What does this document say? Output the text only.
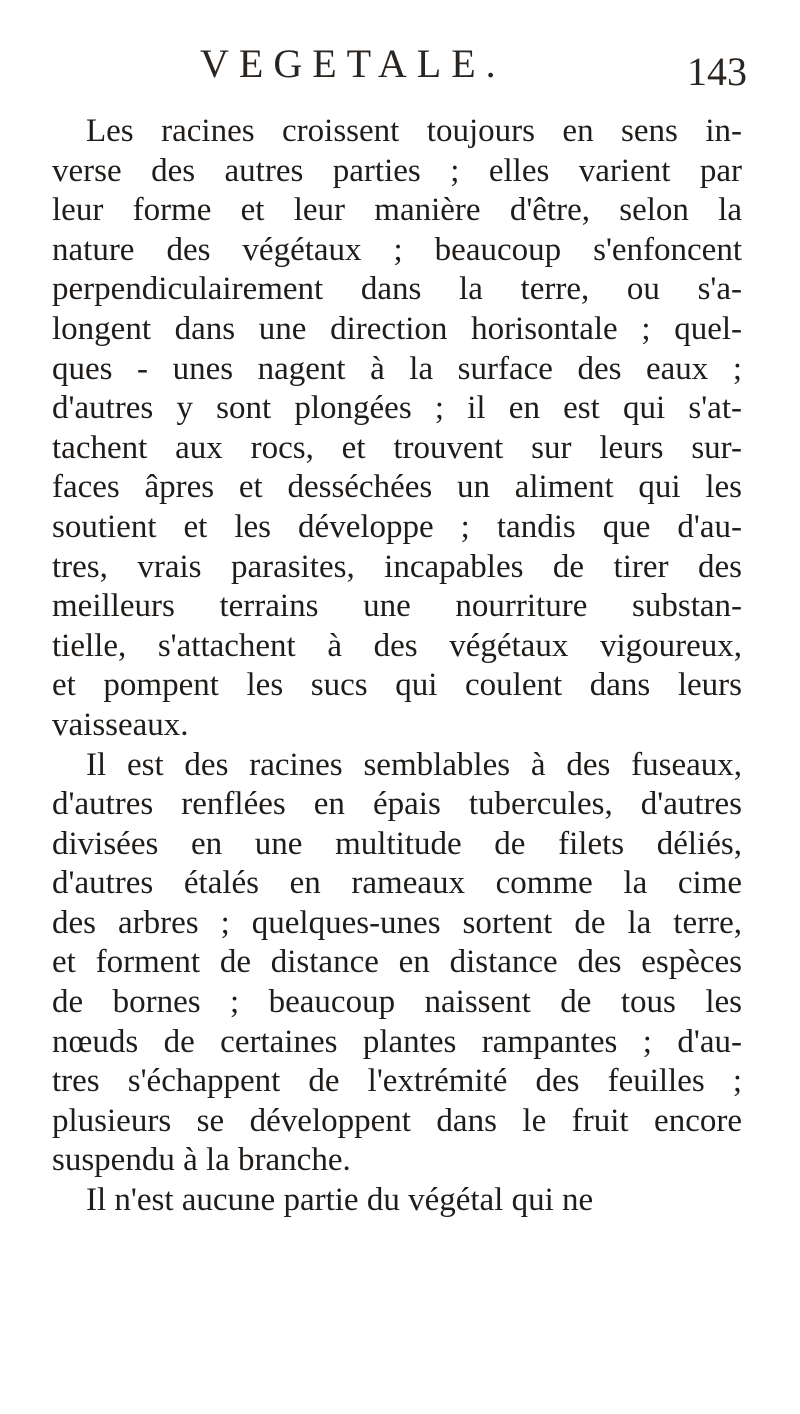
VEGETALE.	143
Les racines croissent toujours en sens in-
verse des autres parties ; elles varient par
leur forme et leur manière d'être, selon la
nature des végétaux ; beaucoup s'enfoncent
perpendiculairement dans la terre, ou s'a-
longent dans une direction horisontale ; quel-
ques - unes nagent à la surface des eaux ;
d'autres y sont plongées ; il en est qui s'at-
tachent aux rocs, et trouvent sur leurs sur-
faces âpres et desséchées un aliment qui les
soutient et les développe ; tandis que d'au-
tres, vrais parasites, incapables de tirer des
meilleurs terrains une nourriture substan-
tielle, s'attachent à des végétaux vigoureux,
et pompent les sucs qui coulent dans leurs
vaisseaux.
Il est des racines semblables à des fuseaux,
d'autres renflées en épais tubercules, d'autres
divisées en une multitude de filets déliés,
d'autres étalés en rameaux comme la cime
des arbres ; quelques-unes sortent de la terre,
et forment de distance en distance des espèces
de bornes ; beaucoup naissent de tous les
nœuds de certaines plantes rampantes ; d'au-
tres s'échappent de l'extrémité des feuilles ;
plusieurs se développent dans le fruit encore
suspendu à la branche.
Il n'est aucune partie du végétal qui ne
